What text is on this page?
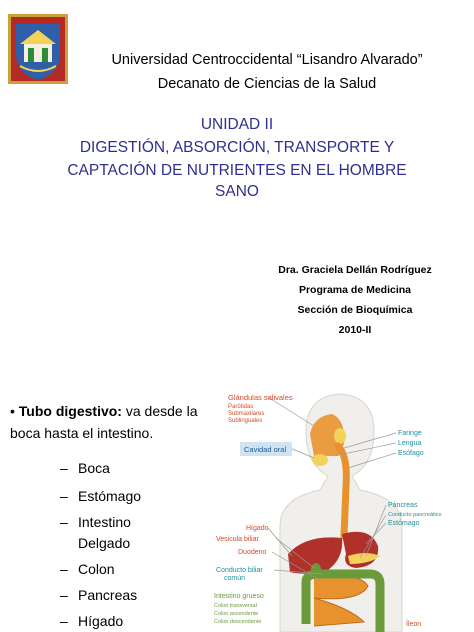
Universidad Centroccidental “Lisandro Alvarado”
Decanato de Ciencias de la Salud
UNIDAD II
DIGESTIÓN, ABSORCIÓN, TRANSPORTE Y
CAPTACIÓN DE NUTRIENTES EN EL HOMBRE
SANO
Dra. Graciela Dellán Rodríguez
Programa de Medicina
Sección de Bioquímica
2010-II
• Tubo digestivo: va desde la boca hasta el intestino.
– Boca
– Estómago
– Intestino
Delgado
– Colon
– Pancreas
– Hígado
Glándulas salivales
Parótidas
Submaxilares
Sublinguales
Cavidad oral
Faringe
Lengua
Esófago
Páncreas
Conducto pancreático
Estómago
Hígado
Vesicula biliar
Duodeno
Conducto biliar
común
Intestino grueso
Colon transversal
Colon ascendente
Colon descendente	Íleon
